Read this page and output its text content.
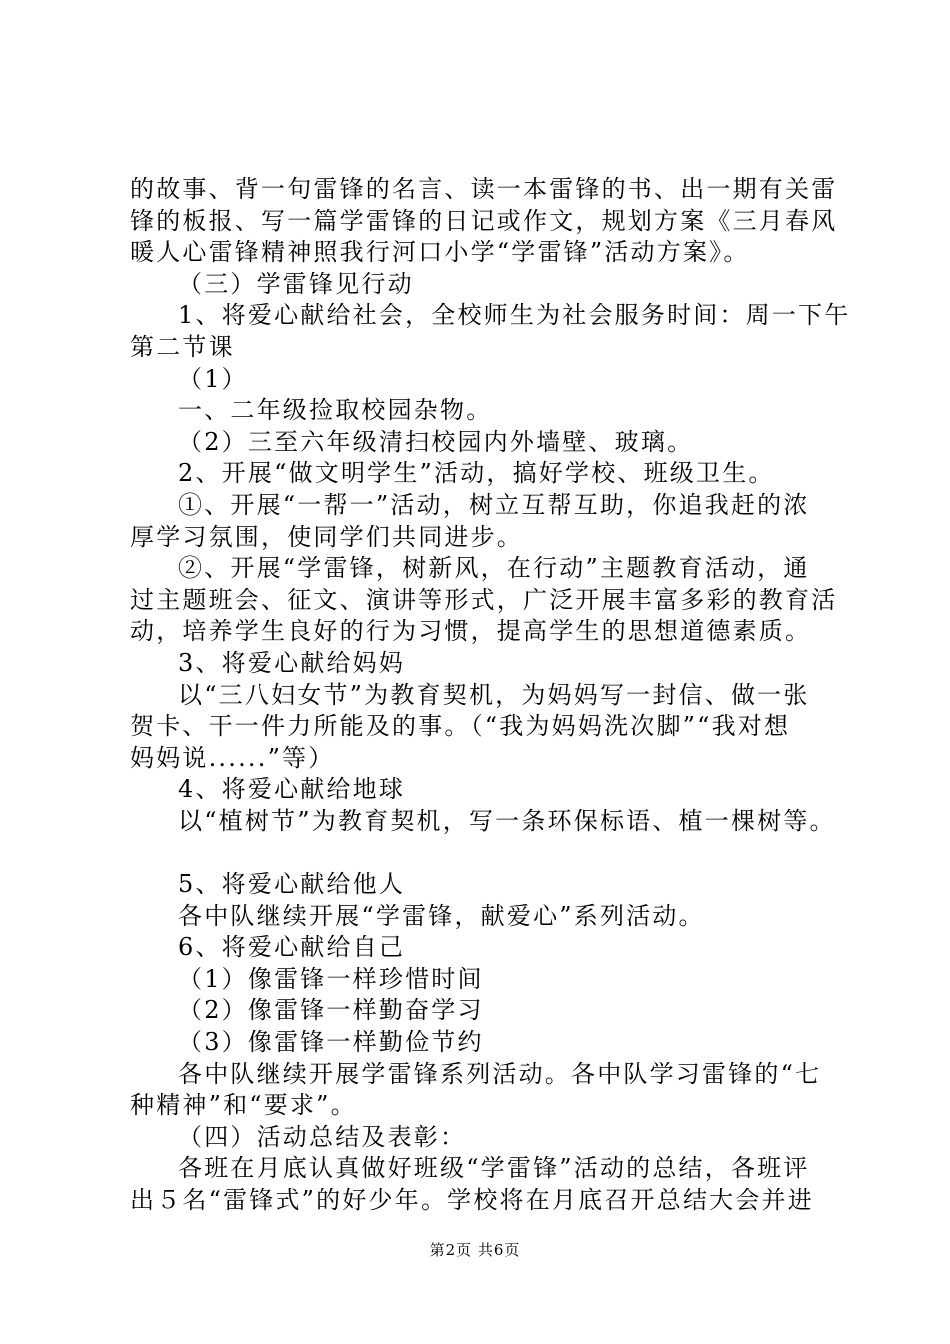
的故事、背一句雷锋的名言、读一本雷锋的书、出一期有关雷
锋的板报、写一篇学雷锋的日记或作文，规划方案《三月春风
暖人心雷锋精神照我行河口小学“学雷锋”活动方案》。
（三）学雷锋见行动
1、将爱心献给社会，全校师生为社会服务时间：周一下午
第二节课
（1）
一、二年级捡取校园杂物。
（2）三至六年级清扫校园内外墙壁、玻璃。
2、开展“做文明学生”活动，搞好学校、班级卫生。
①、开展“一帮一”活动，树立互帮互助，你追我赶的浓
厚学习氛围，使同学们共同进步。
②、开展“学雷锋，树新风，在行动”主题教育活动，通
过主题班会、征文、演讲等形式，广泛开展丰富多彩的教育活
动，培养学生良好的行为习惯，提高学生的思想道德素质。
3、将爱心献给妈妈
以“三八妇女节”为教育契机，为妈妈写一封信、做一张
贺卡、干一件力所能及的事。（“我为妈妈洗次脚”“我对想
妈妈说......”等）
4、将爱心献给地球
以“植树节”为教育契机，写一条环保标语、植一棵树等。
5、将爱心献给他人
各中队继续开展“学雷锋，献爱心”系列活动。
6、将爱心献给自己
（1）像雷锋一样珍惜时间
（2）像雷锋一样勤奋学习
（3）像雷锋一样勤俭节约
各中队继续开展学雷锋系列活动。各中队学习雷锋的“七
种精神”和“要求”。
（四）活动总结及表彰：
各班在月底认真做好班级“学雷锋”活动的总结，各班评
出５名“雷锋式”的好少年。学校将在月底召开总结大会并进
第2页 共6页
